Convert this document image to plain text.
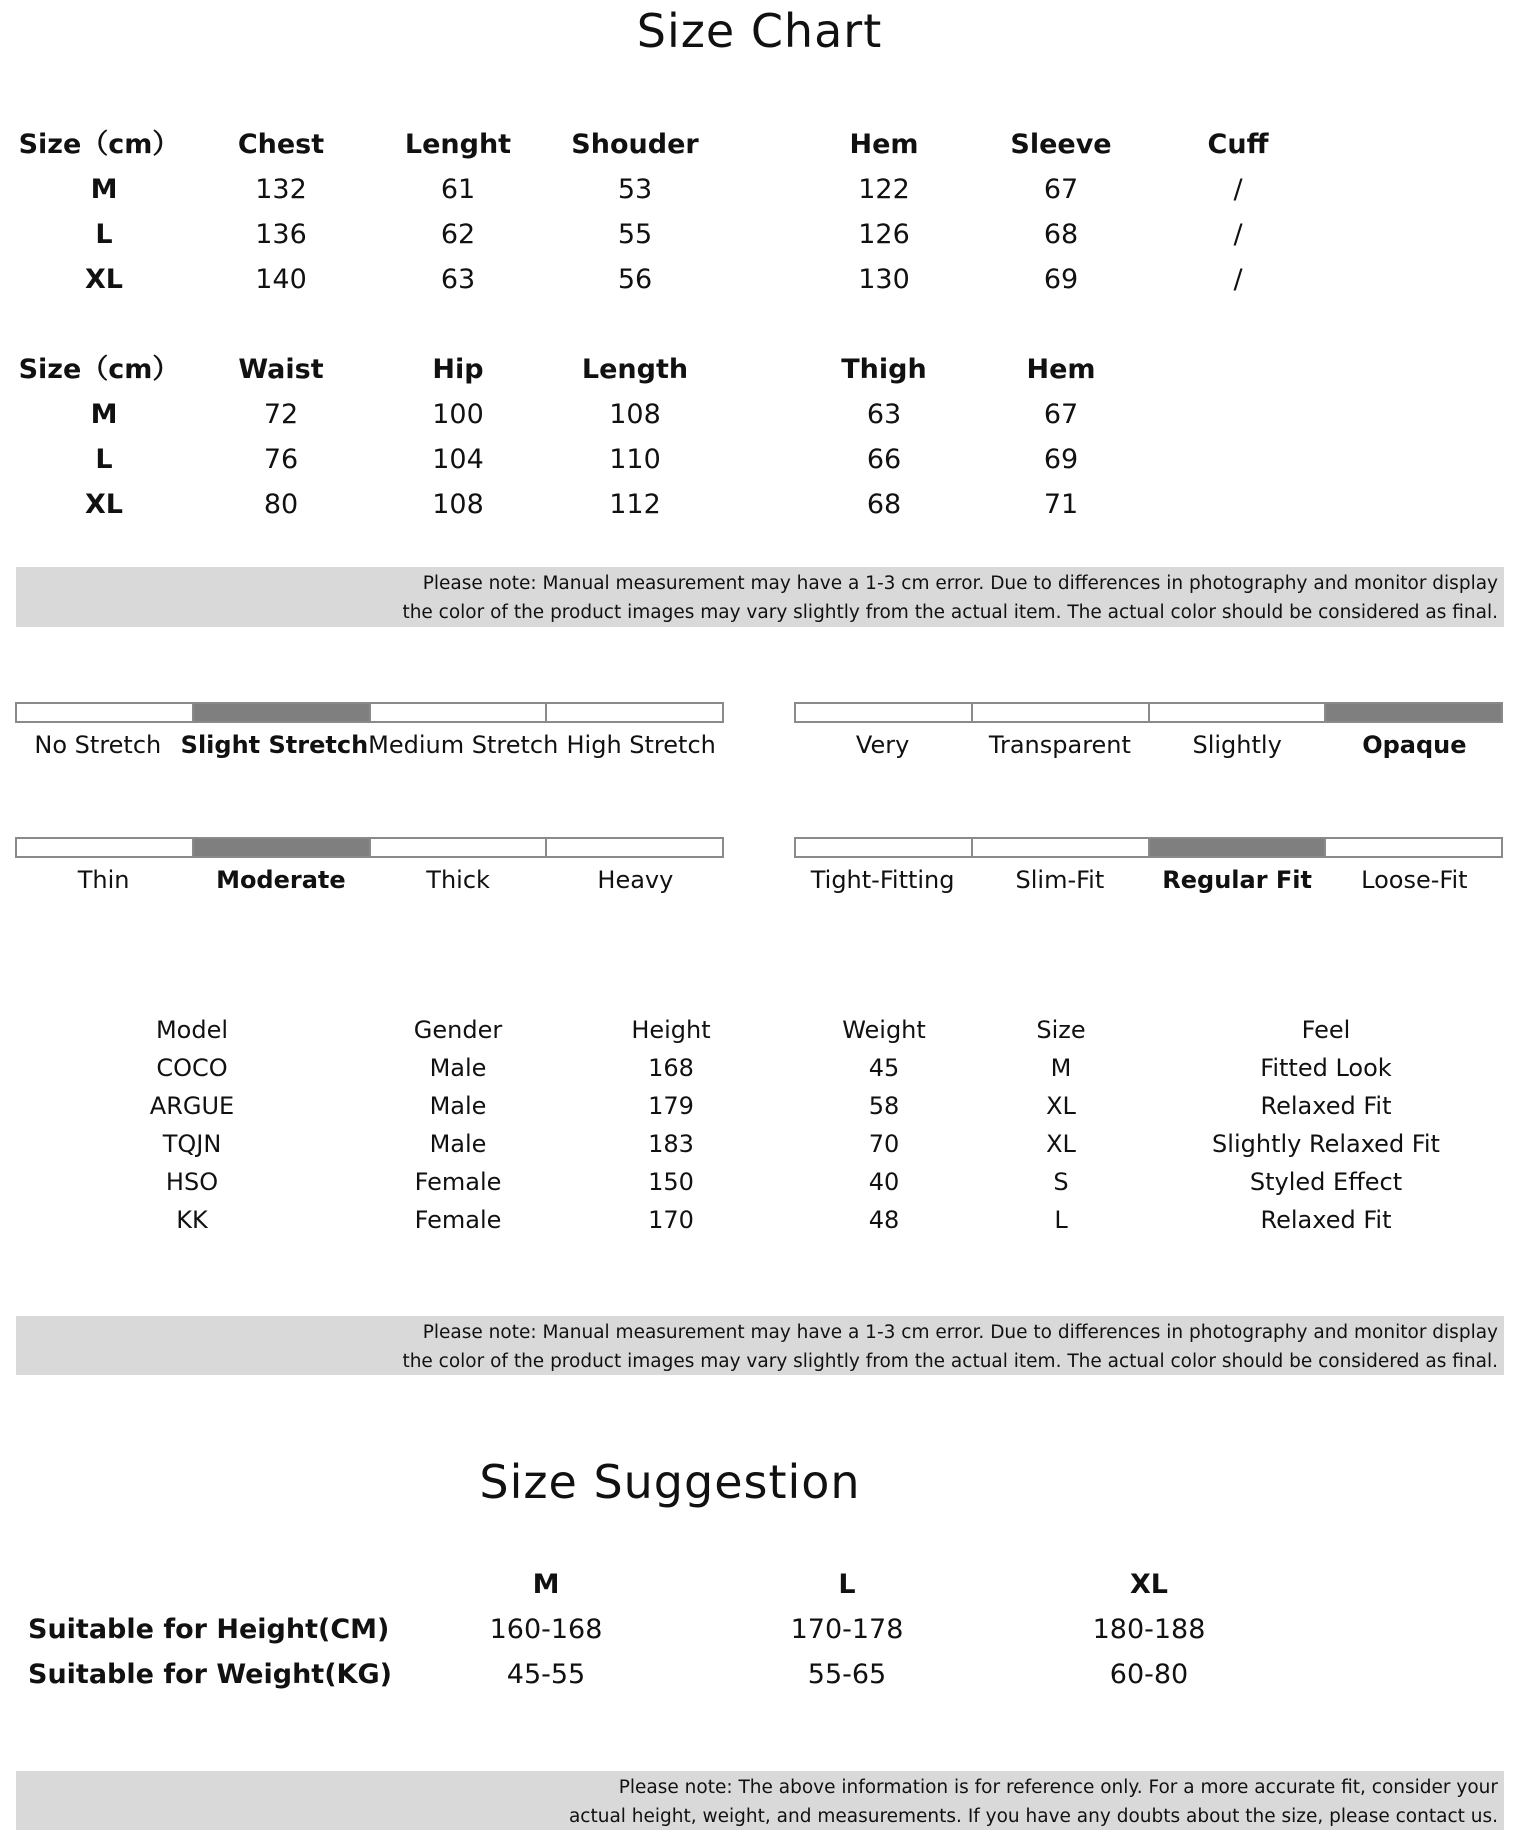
Size Chart
Size（cm）	Chest	Lenght	Shouder	Hem	Sleeve	Cuff
M	132	61	53	122	67	/
L	136	62	55	126	68	/
XL	140	63	56	130	69	/
Size（cm）	Waist	Hip	Length	Thigh	Hem
M	72	100	108	63	67
L	76	104	110	66	69
XL	80	108	112	68	71
Please note: Manual measurement may have a 1-3 cm error. Due to differences in photography and monitor display
the color of the product images may vary slightly from the actual item. The actual color should be considered as final.
No Stretch Slight Stretch Medium Stretch High Stretch	Very	Transparent	Slightly	Opaque
Thin	Moderate	Thick	Heavy	Tight-Fitting	Slim-Fit	Regular Fit	Loose-Fit
Model	Gender	Height	Weight	Size	Feel
COCO	Male	168	45	M	Fitted Look
ARGUE	Male	179	58	XL	Relaxed Fit
TQJN	Male	183	70	XL	Slightly Relaxed Fit
HSO	Female	150	40	S	Styled Effect
KK	Female	170	48	L	Relaxed Fit
Please note: Manual measurement may have a 1-3 cm error. Due to differences in photography and monitor display
the color of the product images may vary slightly from the actual item. The actual color should be considered as final.
Size Suggestion
M	L	XL
Suitable for Height(CM)	160-168	170-178	180-188
Suitable for Weight(KG)	45-55	55-65	60-80
Please note: The above information is for reference only. For a more accurate fit, consider your
actual height, weight, and measurements. If you have any doubts about the size, please contact us.
